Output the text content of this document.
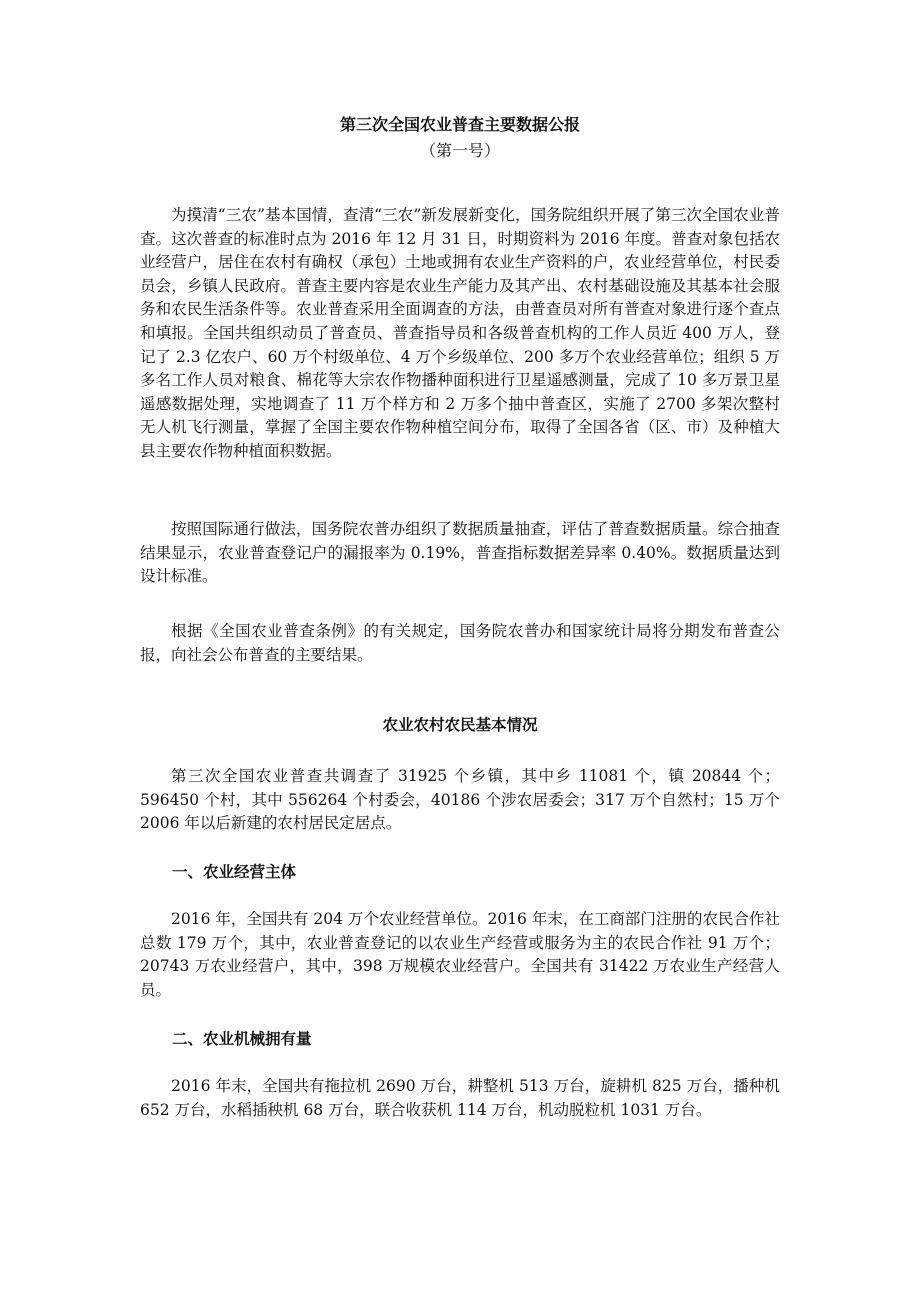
第三次全国农业普查主要数据公报
（第一号）

为摸清“三农”基本国情，查清“三农”新发展新变化，国务院组织开展了第三次全国农业普查。这次普查的标准时点为 2016 年 12 月 31 日，时期资料为 2016 年度。普查对象包括农业经营户，居住在农村有确权（承包）土地或拥有农业生产资料的户，农业经营单位，村民委员会，乡镇人民政府。普查主要内容是农业生产能力及其产出、农村基础设施及其基本社会服务和农民生活条件等。农业普查采用全面调查的方法，由普查员对所有普查对象进行逐个查点和填报。全国共组织动员了普查员、普查指导员和各级普查机构的工作人员近 400 万人，登记了 2.3 亿农户、60 万个村级单位、4 万个乡级单位、200 多万个农业经营单位；组织 5 万多名工作人员对粮食、棉花等大宗农作物播种面积进行卫星遥感测量，完成了 10 多万景卫星遥感数据处理，实地调查了 11 万个样方和 2 万多个抽中普查区，实施了 2700 多架次整村无人机飞行测量，掌握了全国主要农作物种植空间分布，取得了全国各省（区、市）及种植大县主要农作物种植面积数据。

按照国际通行做法，国务院农普办组织了数据质量抽查，评估了普查数据质量。综合抽查结果显示，农业普查登记户的漏报率为 0.19%，普查指标数据差异率 0.40%。数据质量达到设计标准。

根据《全国农业普查条例》的有关规定，国务院农普办和国家统计局将分期发布普查公报，向社会公布普查的主要结果。

农业农村农民基本情况

第三次全国农业普查共调查了 31925 个乡镇，其中乡 11081 个，镇 20844 个；596450 个村，其中 556264 个村委会，40186 个涉农居委会；317 万个自然村；15 万个 2006 年以后新建的农村居民定居点。

一、农业经营主体

2016 年，全国共有 204 万个农业经营单位。2016 年末，在工商部门注册的农民合作社总数 179 万个，其中，农业普查登记的以农业生产经营或服务为主的农民合作社 91 万个；20743 万农业经营户，其中，398 万规模农业经营户。全国共有 31422 万农业生产经营人员。

二、农业机械拥有量

2016 年末，全国共有拖拉机 2690 万台，耕整机 513 万台，旋耕机 825 万台，播种机 652 万台，水稻插秧机 68 万台，联合收获机 114 万台，机动脱粒机 1031 万台。
